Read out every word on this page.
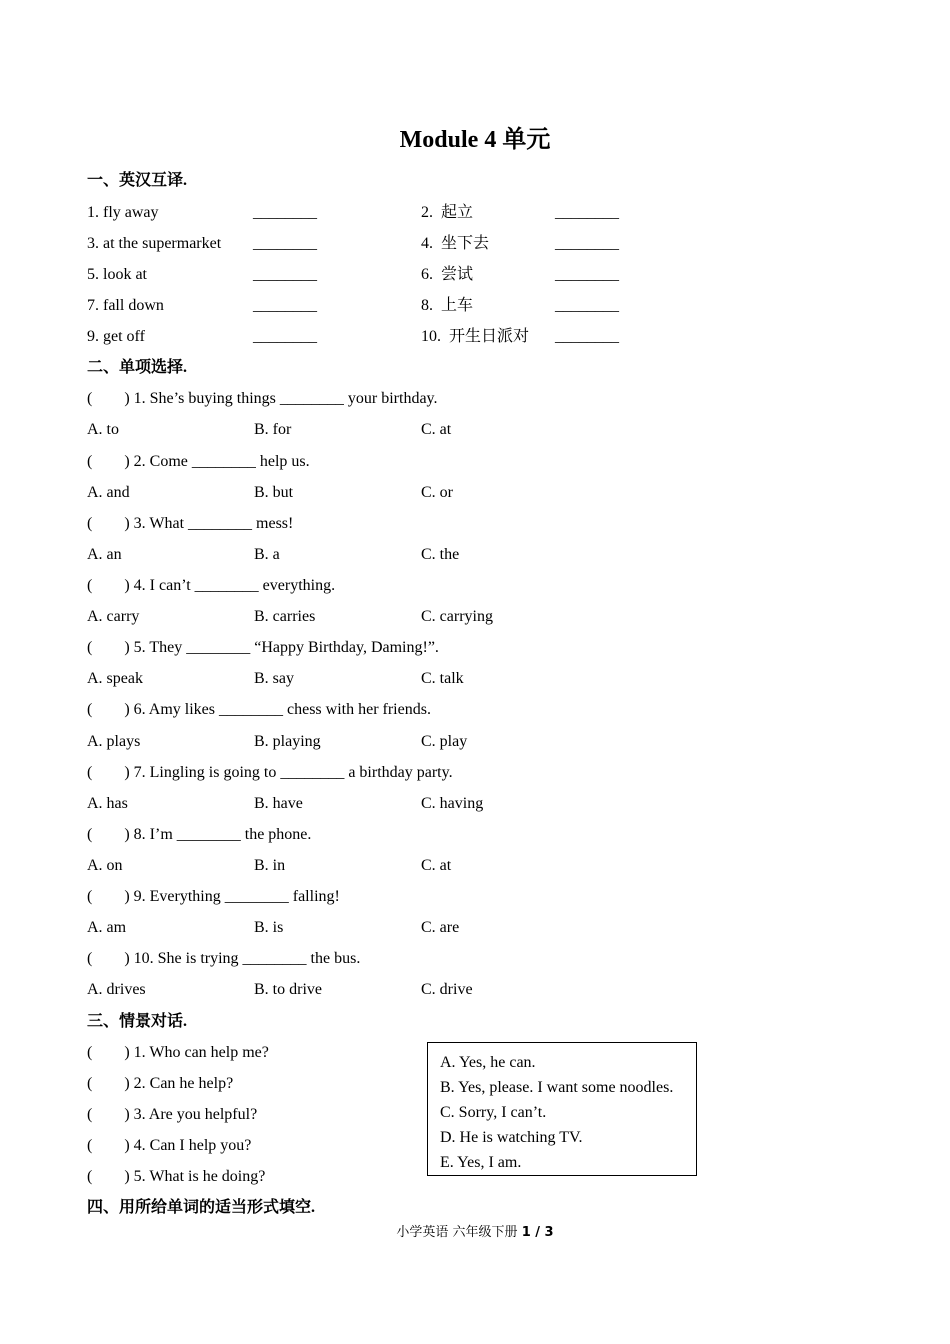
Module 4 单元
一、英汉互译.
1. fly away	________	2.  起立	________
3. at the supermarket ________	4.  坐下去	________
5. look at	________	6.  尝试	________
7. fall down	________	8.  上车	________
9. get off	________	10.  开生日派对 ________
二、单项选择.
(        ) 1. She’s buying things ________ your birthday.
A. to	B. for	C. at
(        ) 2. Come ________ help us.
A. and	B. but	C. or
(        ) 3. What ________ mess!
A. an	B. a	C. the
(        ) 4. I can’t ________ everything.
A. carry	B. carries	C. carrying
(        ) 5. They ________ “Happy Birthday, Daming!”.
A. speak	B. say	C. talk
(        ) 6. Amy likes ________ chess with her friends.
A. plays	B. playing	C. play
(        ) 7. Lingling is going to ________ a birthday party.
A. has	B. have	C. having
(        ) 8. I’m ________ the phone.
A. on	B. in	C. at
(        ) 9. Everything ________ falling!
A. am	B. is	C. are
(        ) 10. She is trying ________ the bus.
A. drives	B. to drive	C. drive
三、情景对话.
(        ) 1. Who can help me?
(        ) 2. Can he help?
(        ) 3. Are you helpful?
(        ) 4. Can I help you?
(        ) 5. What is he doing?
A. Yes, he can.
B. Yes, please. I want some noodles.
C. Sorry, I can’t.
D. He is watching TV.
E. Yes, I am.
四、用所给单词的适当形式填空.
小学英语 六年级下册 1 / 3
